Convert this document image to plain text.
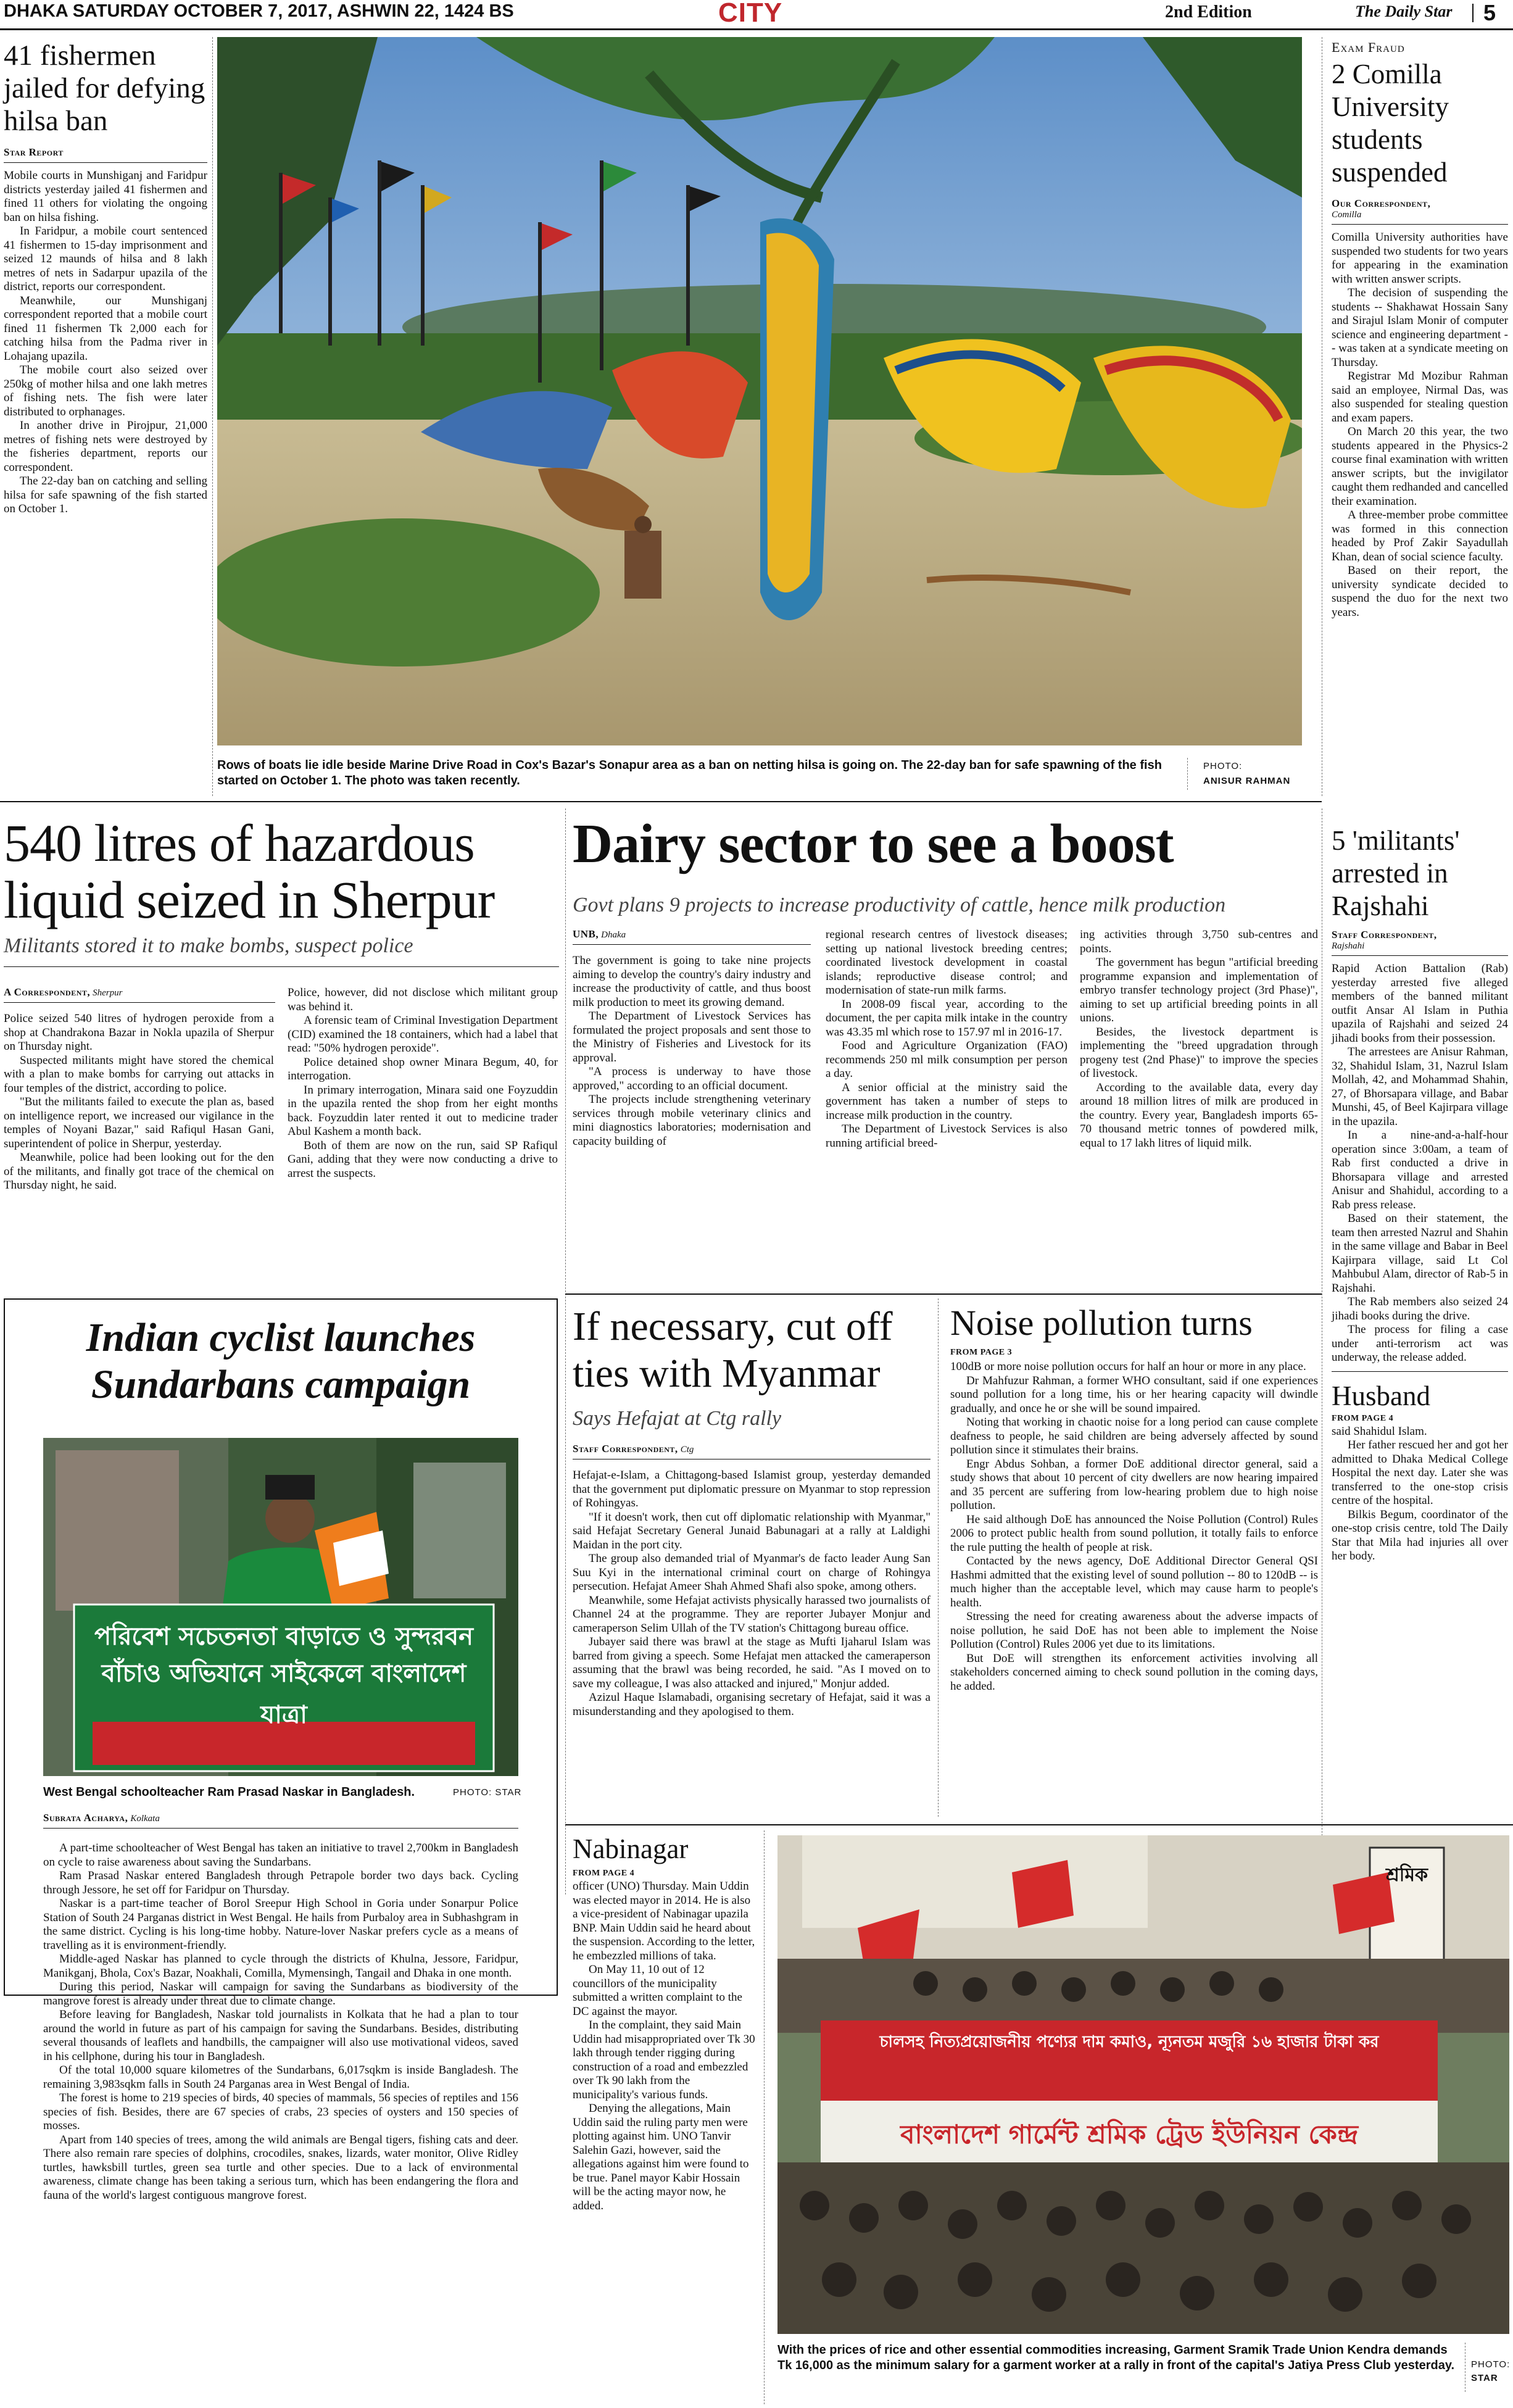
DHAKA SATURDAY OCTOBER 7, 2017, ASHWIN 22, 1424 BS	CITY	2nd Edition	The Daily Star 5
41 fishermen jailed for defying hilsa ban
Star Report

Mobile courts in Munshiganj and Faridpur districts yesterday jailed 41 fishermen and fined 11 others for violating the ongoing ban on hilsa fishing.

In Faridpur, a mobile court sentenced 41 fishermen to 15-day imprisonment and seized 12 maunds of hilsa and 8 lakh metres of nets in Sadarpur upazila of the district, reports our correspondent.

Meanwhile, our Munshiganj correspondent reported that a mobile court fined 11 fishermen Tk 2,000 each for catching hilsa from the Padma river in Lohajang upazila.

The mobile court also seized over 250kg of mother hilsa and one lakh metres of fishing nets. The fish were later distributed to orphanages.

In another drive in Pirojpur, 21,000 metres of fishing nets were destroyed by the fisheries department, reports our correspondent.

The 22-day ban on catching and selling hilsa for safe spawning of the fish started on October 1.

Rows of boats lie idle beside Marine Drive Road in Cox's Bazar's Sonapur area as a ban on netting hilsa is going on. The 22-day ban for safe spawning of the fish started on October 1. The photo was taken recently.
PHOTO:
ANISUR RAHMAN
Exam Fraud
2 Comilla University students suspended
Our Correspondent,
Comilla

Comilla University authorities have suspended two students for two years for appearing in the examination with written answer scripts.

The decision of suspending the students -- Shakhawat Hossain Sany and Sirajul Islam Monir of computer science and engineering department -- was taken at a syndicate meeting on Thursday.

Registrar Md Mozibur Rahman said an employee, Nirmal Das, was also suspended for stealing question and exam papers.

On March 20 this year, the two students appeared in the Physics-2 course final examination with written answer scripts, but the invigilator caught them redhanded and cancelled their examination.

A three-member probe committee was formed in this connection headed by Prof Zakir Sayadullah Khan, dean of social science faculty.

Based on their report, the university syndicate decided to suspend the duo for the next two years.

540 litres of hazardous liquid seized in Sherpur
Militants stored it to make bombs, suspect police
A Correspondent, Sherpur

Police seized 540 litres of hydrogen peroxide from a shop at Chandrakona Bazar in Nokla upazila of Sherpur on Thursday night.

Suspected militants might have stored the chemical with a plan to make bombs for carrying out attacks in four temples of the district, according to police.

"But the militants failed to execute the plan as, based on intelligence report, we increased our vigilance in the temples of Noyani Bazar," said Rafiqul Hasan Gani, superintendent of police in Sherpur, yesterday.

Meanwhile, police had been looking out for the den of the militants, and finally got trace of the chemical on Thursday night, he said.

Police, however, did not disclose which militant group was behind it.

A forensic team of Criminal Investigation Department (CID) examined the 18 containers, which had a label that read: "50% hydrogen peroxide".

Police detained shop owner Minara Begum, 40, for interrogation.

In primary interrogation, Minara said one Foyzuddin in the upazila rented the shop from her eight months back. Foyzuddin later rented it out to medicine trader Abul Kashem a month back.

Both of them are now on the run, said SP Rafiqul Gani, adding that they were now conducting a drive to arrest the suspects.

Indian cyclist launches Sundarbans campaign
পরিবেশ সচেতনতা বাড়াতে ও সুন্দরবন
বাঁচাও অভিযানে সাইকেলে বাংলাদেশ যাত্রা
West Bengal schoolteacher Ram Prasad Naskar in Bangladesh.	PHOTO: STAR
Subrata Acharya, Kolkata

A part-time schoolteacher of West Bengal has taken an initiative to travel 2,700km in Bangladesh on cycle to raise awareness about saving the Sundarbans.

Ram Prasad Naskar entered Bangladesh through Petrapole border two days back. Cycling through Jessore, he set off for Faridpur on Thursday.

Naskar is a part-time teacher of Borol Sreepur High School in Goria under Sonarpur Police Station of South 24 Parganas district in West Bengal. He hails from Purbaloy area in Subhashgram in the same district. Cycling is his long-time hobby. Nature-lover Naskar prefers cycle as a means of travelling as it is environment-friendly.

Middle-aged Naskar has planned to cycle through the districts of Khulna, Jessore, Faridpur, Manikganj, Bhola, Cox's Bazar, Noakhali, Comilla, Mymensingh, Tangail and Dhaka in one month.

During this period, Naskar will campaign for saving the Sundarbans as biodiversity of the mangrove forest is already under threat due to climate change.

Before leaving for Bangladesh, Naskar told journalists in Kolkata that he had a plan to tour around the world in future as part of his campaign for saving the Sundarbans. Besides, distributing several thousands of leaflets and handbills, the campaigner will also use motivational videos, saved in his cellphone, during his tour in Bangladesh.

Of the total 10,000 square kilometres of the Sundarbans, 6,017sqkm is inside Bangladesh. The remaining 3,983sqkm falls in South 24 Parganas area in West Bengal of India.

The forest is home to 219 species of birds, 40 species of mammals, 56 species of reptiles and 156 species of fish. Besides, there are 67 species of crabs, 23 species of oysters and 150 species of mosses.

Apart from 140 species of trees, among the wild animals are Bengal tigers, fishing cats and deer. There also remain rare species of dolphins, crocodiles, snakes, lizards, water monitor, Olive Ridley turtles, hawksbill turtles, green sea turtle and other species. Due to a lack of environmental awareness, climate change has been taking a serious turn, which has been endangering the flora and fauna of the world's largest contiguous mangrove forest.

Dairy sector to see a boost
Govt plans 9 projects to increase productivity of cattle, hence milk production
UNB, Dhaka

The government is going to take nine projects aiming to develop the country's dairy industry and increase the productivity of cattle, and thus boost milk production to meet its growing demand.

The Department of Livestock Services has formulated the project proposals and sent those to the Ministry of Fisheries and Livestock for its approval.

"A process is underway to have those approved," according to an official document.

The projects include strengthening veterinary services through mobile veterinary clinics and mini diagnostics laboratories; modernisation and capacity building of

regional research centres of livestock diseases; setting up national livestock breeding centres; coordinated livestock development in coastal islands; reproductive disease control; and modernisation of state-run milk farms.

In 2008-09 fiscal year, according to the document, the per capita milk intake in the country was 43.35 ml which rose to 157.97 ml in 2016-17.

Food and Agriculture Organization (FAO) recommends 250 ml milk consumption per person a day.

A senior official at the ministry said the government has taken a number of steps to increase milk production in the country.

The Department of Livestock Services is also running artificial breed-

ing activities through 3,750 sub-centres and points.

The government has begun "artificial breeding programme expansion and implementation of embryo transfer technology project (3rd Phase)", aiming to set up artificial breeding points in all unions.

Besides, the livestock department is implementing the "breed upgradation through progeny test (2nd Phase)" to improve the species of livestock.

According to the available data, every day around 18 million litres of milk are produced in the country. Every year, Bangladesh imports 65-70 thousand metric tonnes of powdered milk, equal to 17 lakh litres of liquid milk.

If necessary, cut off ties with Myanmar
Says Hefajat at Ctg rally
Staff Correspondent, Ctg

Hefajat-e-Islam, a Chittagong-based Islamist group, yesterday demanded that the government put diplomatic pressure on Myanmar to stop repression of Rohingyas.

"If it doesn't work, then cut off diplomatic relationship with Myanmar," said Hefajat Secretary General Junaid Babunagari at a rally at Laldighi Maidan in the port city.

The group also demanded trial of Myanmar's de facto leader Aung San Suu Kyi in the international criminal court on charge of Rohingya persecution. Hefajat Ameer Shah Ahmed Shafi also spoke, among others.

Meanwhile, some Hefajat activists physically harassed two journalists of Channel 24 at the programme. They are reporter Jubayer Monjur and cameraperson Selim Ullah of the TV station's Chittagong bureau office.

Jubayer said there was brawl at the stage as Mufti Ijaharul Islam was barred from giving a speech. Some Hefajat men attacked the cameraperson assuming that the brawl was being recorded, he said. "As I moved on to save my colleague, I was also attacked and injured," Monjur added.

Azizul Haque Islamabadi, organising secretary of Hefajat, said it was a misunderstanding and they apologised to them.

Noise pollution turns
FROM PAGE 3

100dB or more noise pollution occurs for half an hour or more in any place.

Dr Mahfuzur Rahman, a former WHO consultant, said if one experiences sound pollution for a long time, his or her hearing capacity will dwindle gradually, and once he or she will be sound impaired.

Noting that working in chaotic noise for a long period can cause complete deafness to people, he said children are being adversely affected by sound pollution since it stimulates their brains.

Engr Abdus Sohban, a former DoE additional director general, said a study shows that about 10 percent of city dwellers are now hearing impaired and 35 percent are suffering from low-hearing problem due to high noise pollution.

He said although DoE has announced the Noise Pollution (Control) Rules 2006 to protect public health from sound pollution, it totally fails to enforce the rule putting the health of people at risk.

Contacted by the news agency, DoE Additional Director General QSI Hashmi admitted that the existing level of sound pollution -- 80 to 120dB -- is much higher than the acceptable level, which may cause harm to people's health.

Stressing the need for creating awareness about the adverse impacts of noise pollution, he said DoE has not been able to implement the Noise Pollution (Control) Rules 2006 yet due to its limitations.

But DoE will strengthen its enforcement activities involving all stakeholders concerned aiming to check sound pollution in the coming days, he added.

5 'militants' arrested in Rajshahi
Staff Correspondent,
Rajshahi

Rapid Action Battalion (Rab) yesterday arrested five alleged members of the banned militant outfit Ansar Al Islam in Puthia upazila of Rajshahi and seized 24 jihadi books from their possession.

The arrestees are Anisur Rahman, 32, Shahidul Islam, 31, Nazrul Islam Mollah, 42, and Mohammad Shahin, 27, of Bhorsapara village, and Babar Munshi, 45, of Beel Kajirpara village in the upazila.

In a nine-and-a-half-hour operation since 3:00am, a team of Rab first conducted a drive in Bhorsapara village and arrested Anisur and Shahidul, according to a Rab press release.

Based on their statement, the team then arrested Nazrul and Shahin in the same village and Babar in Beel Kajirpara village, said Lt Col Mahbubul Alam, director of Rab-5 in Rajshahi.

The Rab members also seized 24 jihadi books during the drive.

The process for filing a case under anti-terrorism act was underway, the release added.

Husband
FROM PAGE 4

said Shahidul Islam.

Her father rescued her and got her admitted to Dhaka Medical College Hospital the next day. Later she was transferred to the one-stop crisis centre of the hospital.

Bilkis Begum, coordinator of the one-stop crisis centre, told The Daily Star that Mila had injuries all over her body.

Nabinagar
FROM PAGE 4

officer (UNO) Thursday. Main Uddin was elected mayor in 2014. He is also a vice-president of Nabinagar upazila BNP. Main Uddin said he heard about the suspension. According to the letter, he embezzled millions of taka.

On May 11, 10 out of 12 councillors of the municipality submitted a written complaint to the DC against the mayor.

In the complaint, they said Main Uddin had misappropriated over Tk 30 lakh through tender rigging during construction of a road and embezzled over Tk 90 lakh from the municipality's various funds.

Denying the allegations, Main Uddin said the ruling party men were plotting against him. UNO Tanvir Salehin Gazi, however, said the allegations against him were found to be true. Panel mayor Kabir Hossain will be the acting mayor now, he added.

চালসহ নিত্যপ্রয়োজনীয় পণ্যের দাম কমাও, ন্যূনতম মজুরি ১৬ হাজার টাকা কর
বাংলাদেশ গার্মেন্ট শ্রমিক ট্রেড ইউনিয়ন কেন্দ্র
শ্রমিক
With the prices of rice and other essential commodities increasing, Garment Sramik Trade Union Kendra demands Tk 16,000 as the minimum salary for a garment worker at a rally in front of the capital's Jatiya Press Club yesterday.	PHOTO:
STAR
